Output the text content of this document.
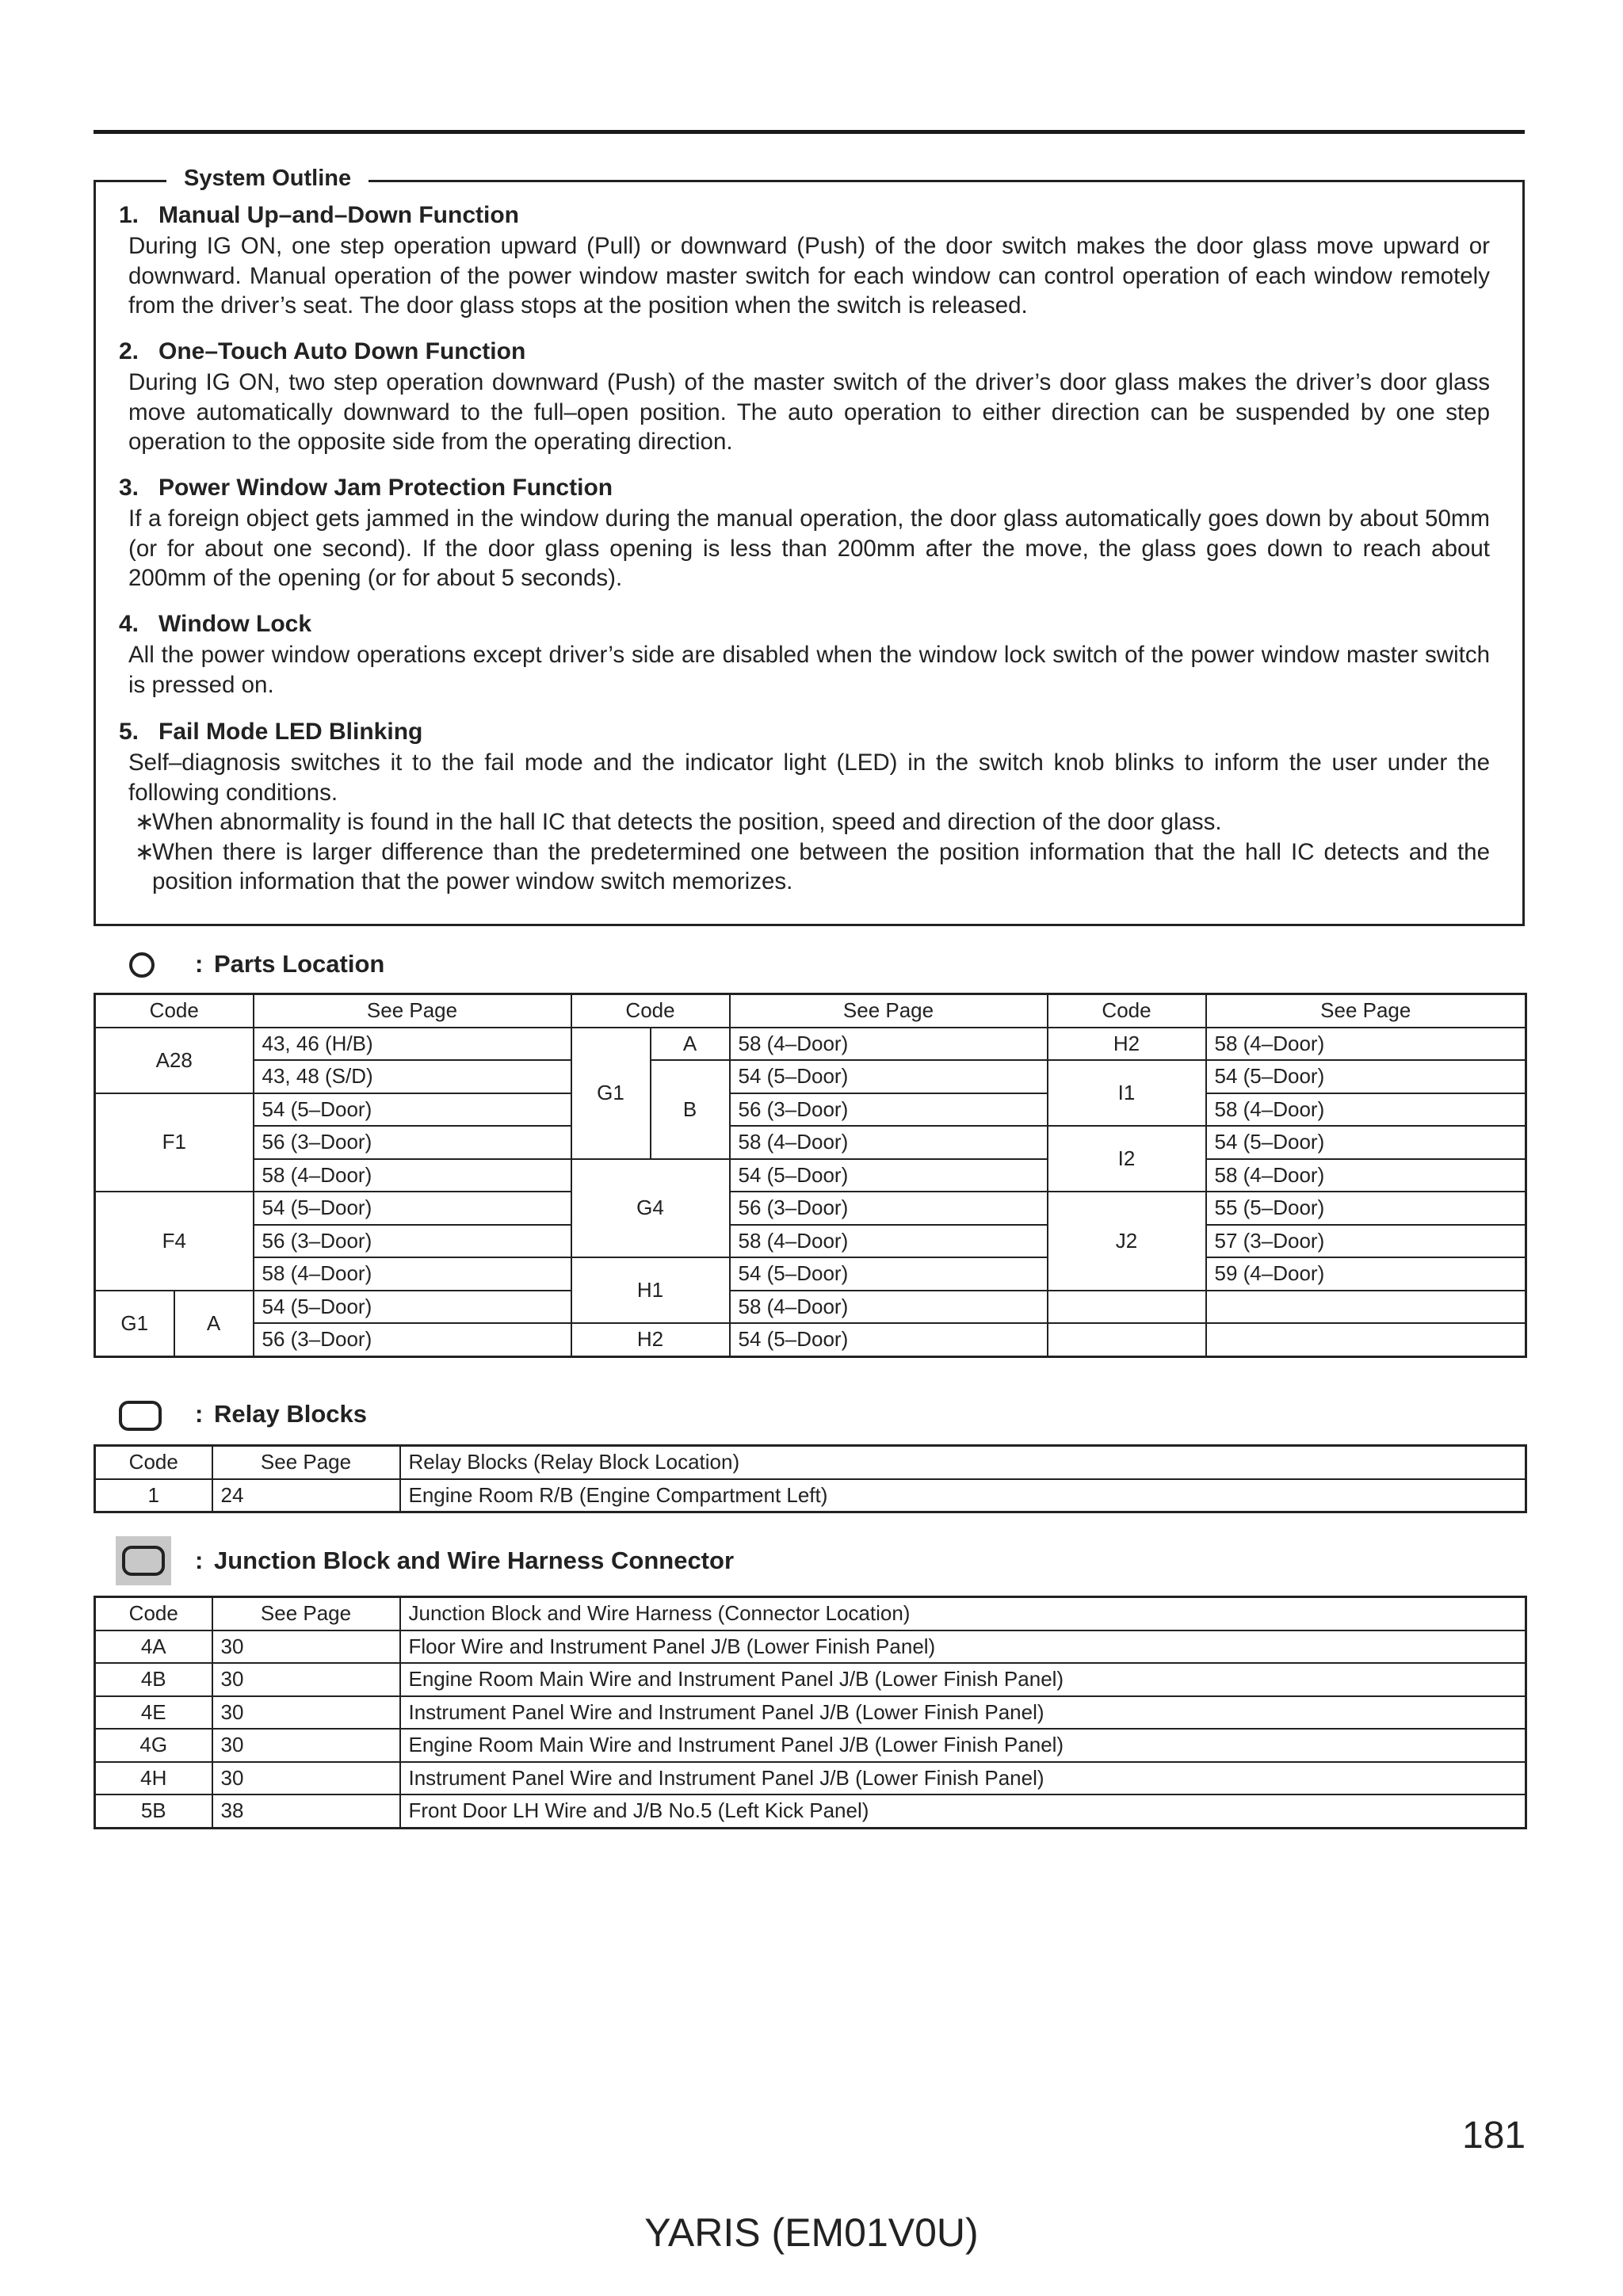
System Outline

1. Manual Up–and–Down Function

During IG ON, one step operation upward (Pull) or downward (Push) of the door switch makes the door glass move upward or downward. Manual operation of the power window master switch for each window can control operation of each window remotely from the driver’s seat. The door glass stops at the position when the switch is released.

2. One–Touch Auto Down Function

During IG ON, two step operation downward (Push) of the master switch of the driver’s door glass makes the driver’s door glass move automatically downward to the full–open position. The auto operation to either direction can be suspended by one step operation to the opposite side from the operating direction.

3. Power Window Jam Protection Function

If a foreign object gets jammed in the window during the manual operation, the door glass automatically goes down by about 50mm (or for about one second). If the door glass opening is less than 200mm after the move, the glass goes down to reach about 200mm of the opening (or for about 5 seconds).

4. Window Lock

All the power window operations except driver’s side are disabled when the window lock switch of the power window master switch is pressed on.

5. Fail Mode LED Blinking

Self–diagnosis switches it to the fail mode and the indicator light (LED) in the switch knob blinks to inform the user under the following conditions.

∗
When abnormality is found in the hall IC that detects the position, speed and direction of the door glass.
∗
When there is larger difference than the predetermined one between the position information that the hall IC detects and the position information that the power window switch memorizes.
: Parts Location
Code		See Page	Code		See Page	Code	See Page
A28		43, 46 (H/B)	G1	A	58 (4–Door)	H2	58 (4–Door)
		43, 48 (S/D)		B	54 (5–Door)	I1	54 (5–Door)
F1		54 (5–Door)			56 (3–Door)		58 (4–Door)
		56 (3–Door)			58 (4–Door)	I2	54 (5–Door)
		58 (4–Door)	G4		54 (5–Door)		58 (4–Door)
F4		54 (5–Door)			56 (3–Door)	J2	55 (5–Door)
		56 (3–Door)			58 (4–Door)		57 (3–Door)
		58 (4–Door)	H1		54 (5–Door)		59 (4–Door)
G1	A	54 (5–Door)			58 (4–Door)		
		56 (3–Door)	H2		54 (5–Door)		
: Relay Blocks
Code	See Page	Relay Blocks (Relay Block Location)
1	24	Engine Room R/B (Engine Compartment Left)
: Junction Block and Wire Harness Connector
Code	See Page	Junction Block and Wire Harness (Connector Location)
4A	30	Floor Wire and Instrument Panel J/B (Lower Finish Panel)
4B	30	Engine Room Main Wire and Instrument Panel J/B (Lower Finish Panel)
4E	30	Instrument Panel Wire and Instrument Panel J/B (Lower Finish Panel)
4G	30	Engine Room Main Wire and Instrument Panel J/B (Lower Finish Panel)
4H	30	Instrument Panel Wire and Instrument Panel J/B (Lower Finish Panel)
5B	38	Front Door LH Wire and J/B No.5 (Left Kick Panel)
181
YARIS (EM01V0U)
